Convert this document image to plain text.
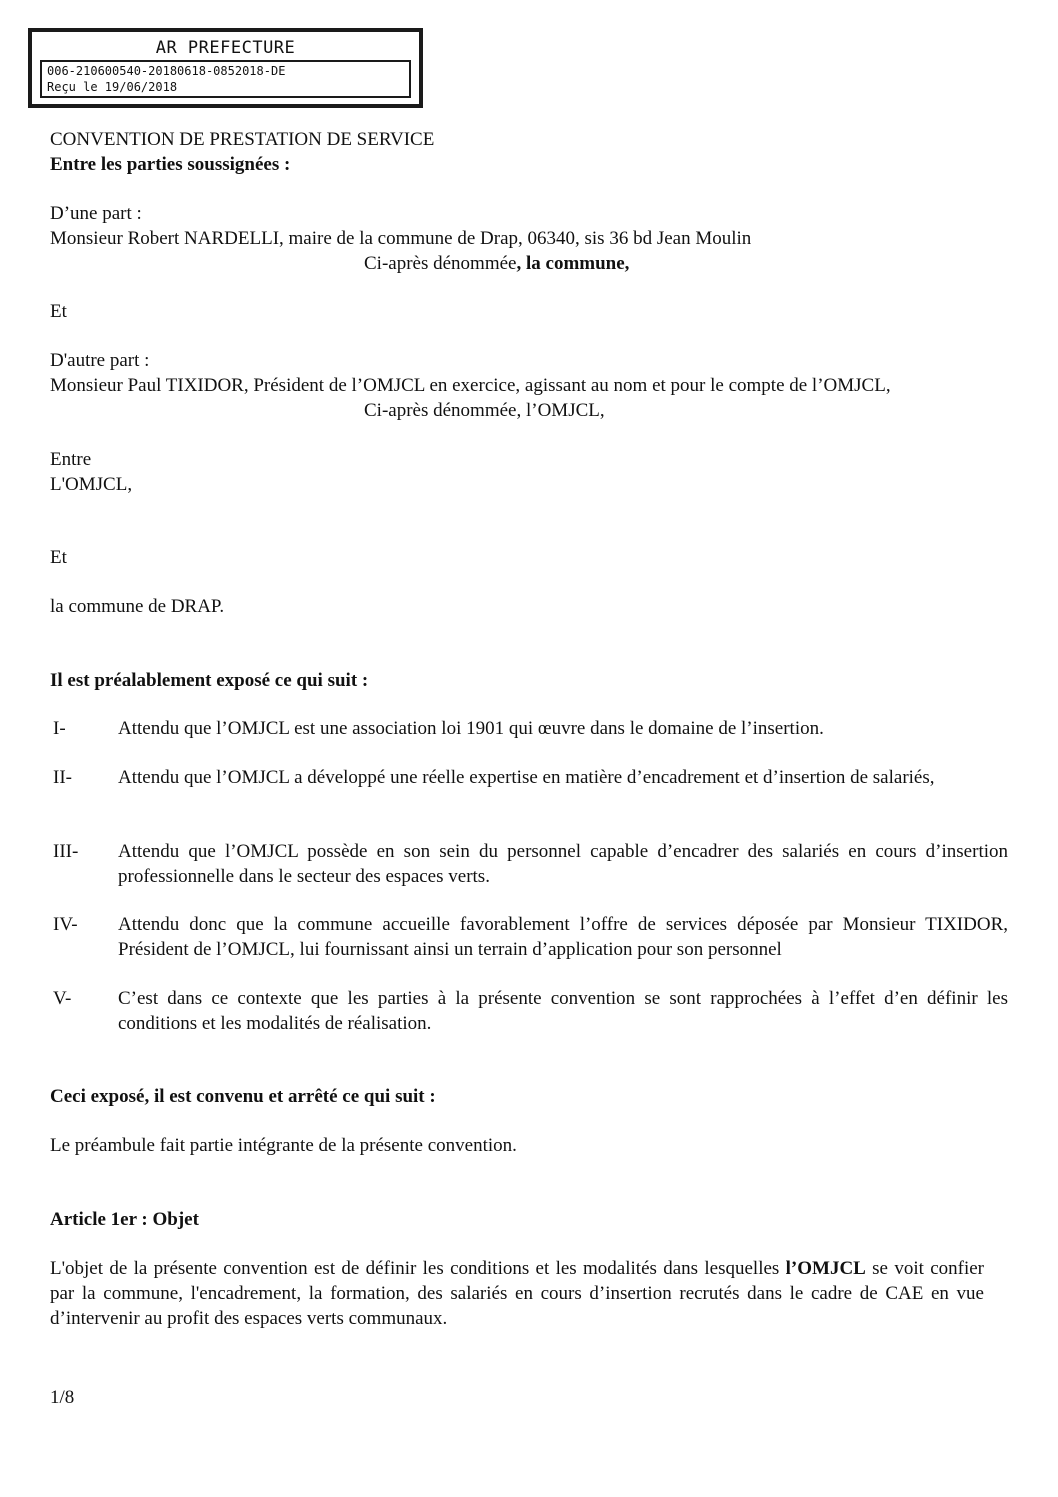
AR PREFECTURE
006-210600540-20180618-0852018-DE
Reçu le 19/06/2018
CONVENTION DE PRESTATION DE SERVICE
Entre les parties soussignées :
D’une part :
Monsieur Robert NARDELLI, maire de la commune de Drap, 06340, sis 36 bd Jean Moulin
Ci-après dénommée, la commune,
Et
D'autre part :
Monsieur Paul TIXIDOR, Président de l’OMJCL en exercice, agissant au nom et pour le compte de l’OMJCL,
Ci-après dénommée, l’OMJCL,
Entre
L'OMJCL,
Et
la commune de DRAP.
Il est préalablement exposé ce qui suit :
I-	Attendu que l’OMJCL est une association loi 1901 qui œuvre dans le domaine de l’insertion.
II- Attendu que l’OMJCL a développé une réelle expertise en matière d’encadrement et d’insertion de salariés,
III- Attendu que l’OMJCL possède en son sein du personnel capable d’encadrer des salariés en cours d’insertion professionnelle dans le secteur des espaces verts.
IV- Attendu donc que la commune accueille favorablement l’offre de services déposée par Monsieur TIXIDOR, Président de l’OMJCL, lui fournissant ainsi un terrain d’application pour son personnel
V- C’est dans ce contexte que les parties à la présente convention se sont rapprochées à l’effet d’en définir les conditions et les modalités de réalisation.
Ceci exposé, il est convenu et arrêté ce qui suit :
Le préambule fait partie intégrante de la présente convention.
Article 1er : Objet
L'objet de la présente convention est de définir les conditions et les modalités dans lesquelles l’OMJCL se voit confier par la commune, l'encadrement, la formation, des salariés en cours d’insertion recrutés dans le cadre de CAE en vue d’intervenir au profit des espaces verts communaux.
1/8
